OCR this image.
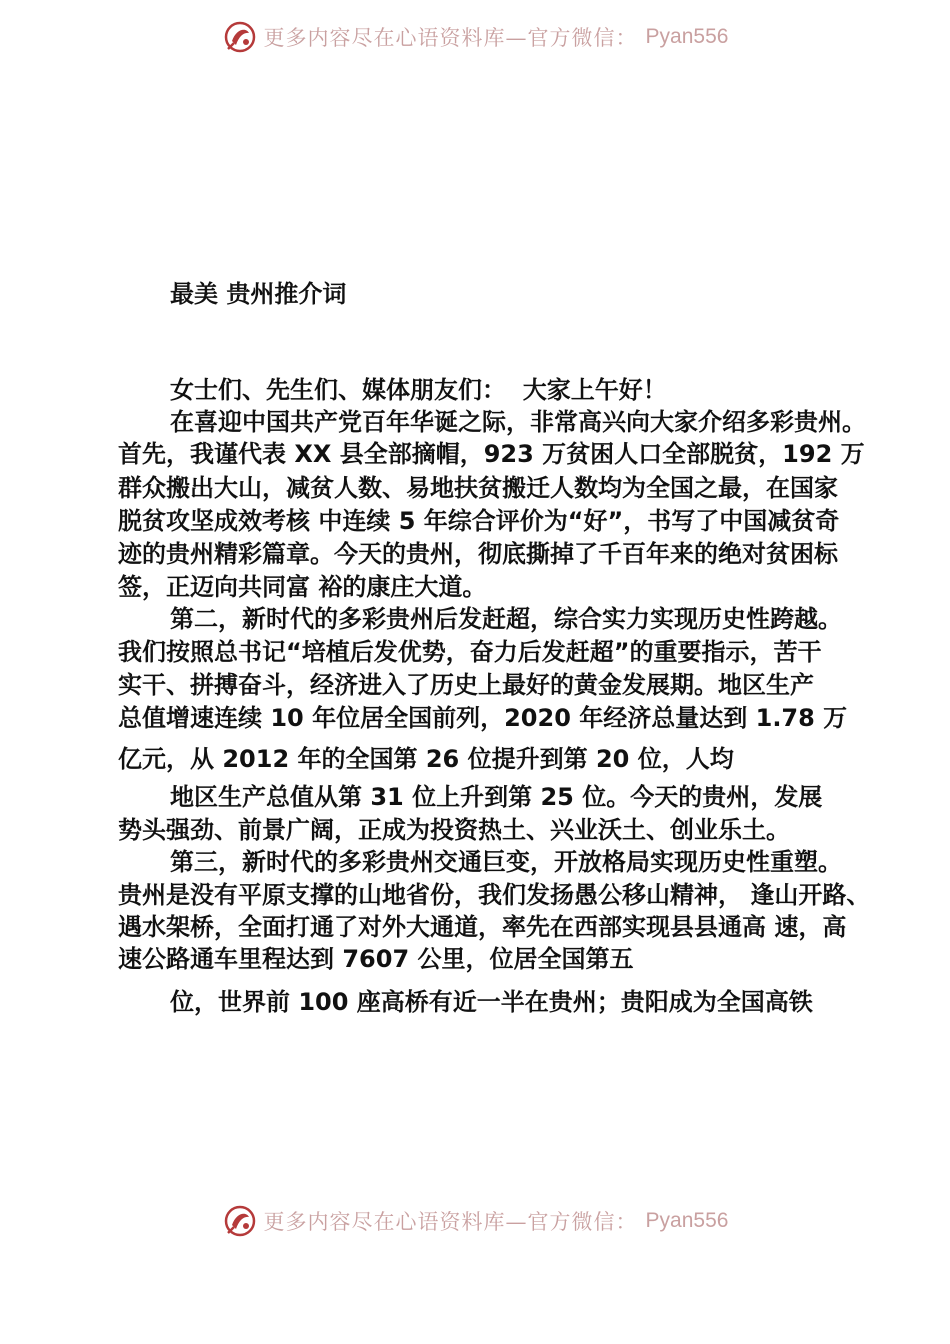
更多内容尽在心语资料库—官方微信： Pyan556
最美 贵州推介词
女士们、先生们、媒体朋友们：  大家上午好！
在喜迎中国共产党百年华诞之际，非常高兴向大家介绍多彩贵州。
首先，我谨代表 XX 县全部摘帽，923 万贫困人口全部脱贫，192 万
群众搬出大山，减贫人数、易地扶贫搬迁人数均为全国之最，在国家
脱贫攻坚成效考核 中连续 5 年综合评价为“好”，书写了中国减贫奇
迹的贵州精彩篇章。今天的贵州，彻底撕掉了千百年来的绝对贫困标
签，正迈向共同富 裕的康庄大道。
第二，新时代的多彩贵州后发赶超，综合实力实现历史性跨越。
我们按照总书记“培植后发优势，奋力后发赶超”的重要指示，苦干
实干、拼搏奋斗，经济进入了历史上最好的黄金发展期。地区生产
总值增速连续 10 年位居全国前列，2020 年经济总量达到 1.78 万
亿元，从 2012 年的全国第 26 位提升到第 20 位，人均
地区生产总值从第 31 位上升到第 25 位。今天的贵州，发展
势头强劲、前景广阔，正成为投资热土、兴业沃土、创业乐土。
第三，新时代的多彩贵州交通巨变，开放格局实现历史性重塑。
贵州是没有平原支撑的山地省份，我们发扬愚公移山精神， 逢山开路、
遇水架桥，全面打通了对外大通道，率先在西部实现县县通高 速，高
速公路通车里程达到 7607 公里，位居全国第五
位，世界前 100 座高桥有近一半在贵州；贵阳成为全国高铁
更多内容尽在心语资料库—官方微信： Pyan556
